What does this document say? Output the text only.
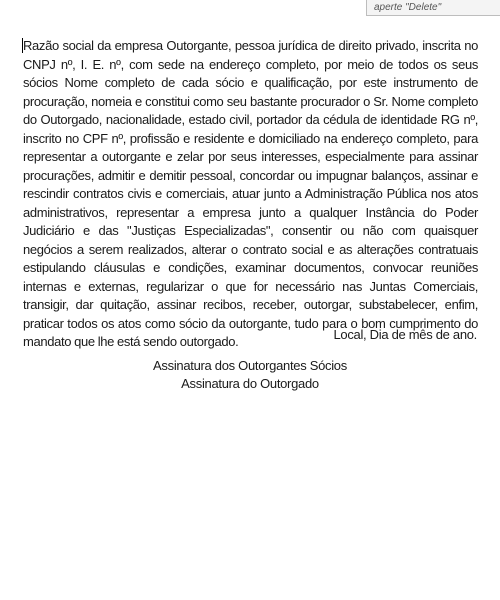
aperte "Delete"

Razão social da empresa Outorgante, pessoa jurídica de direito privado, inscrita no CNPJ nº, I. E. nº, com sede na endereço completo, por meio de todos os seus sócios Nome completo de cada sócio e qualificação, por este instrumento de procuração, nomeia e constitui como seu bastante procurador o Sr. Nome completo do Outorgado, nacionalidade, estado civil, portador da cédula de identidade RG nº, inscrito no CPF nº, profissão e residente e domiciliado na endereço completo, para representar a outorgante e zelar por seus interesses, especialmente para assinar procurações, admitir e demitir pessoal, concordar ou impugnar balanços, assinar e rescindir contratos civis e comerciais, atuar junto a Administração Pública nos atos administrativos, representar a empresa junto a qualquer Instância do Poder Judiciário e das "Justiças Especializadas", consentir ou não com quaisquer negócios a serem realizados, alterar o contrato social e as alterações contratuais estipulando cláusulas e condições, examinar documentos, convocar reuniões internas e externas, regularizar o que for necessário nas Juntas Comerciais, transigir, dar quitação, assinar recibos, receber, outorgar, substabelecer, enfim, praticar todos os atos como sócio da outorgante, tudo para o bom cumprimento do mandato que lhe está sendo outorgado.	Local, Dia de mês de ano.
Assinatura dos Outorgantes Sócios
Assinatura do Outorgado
